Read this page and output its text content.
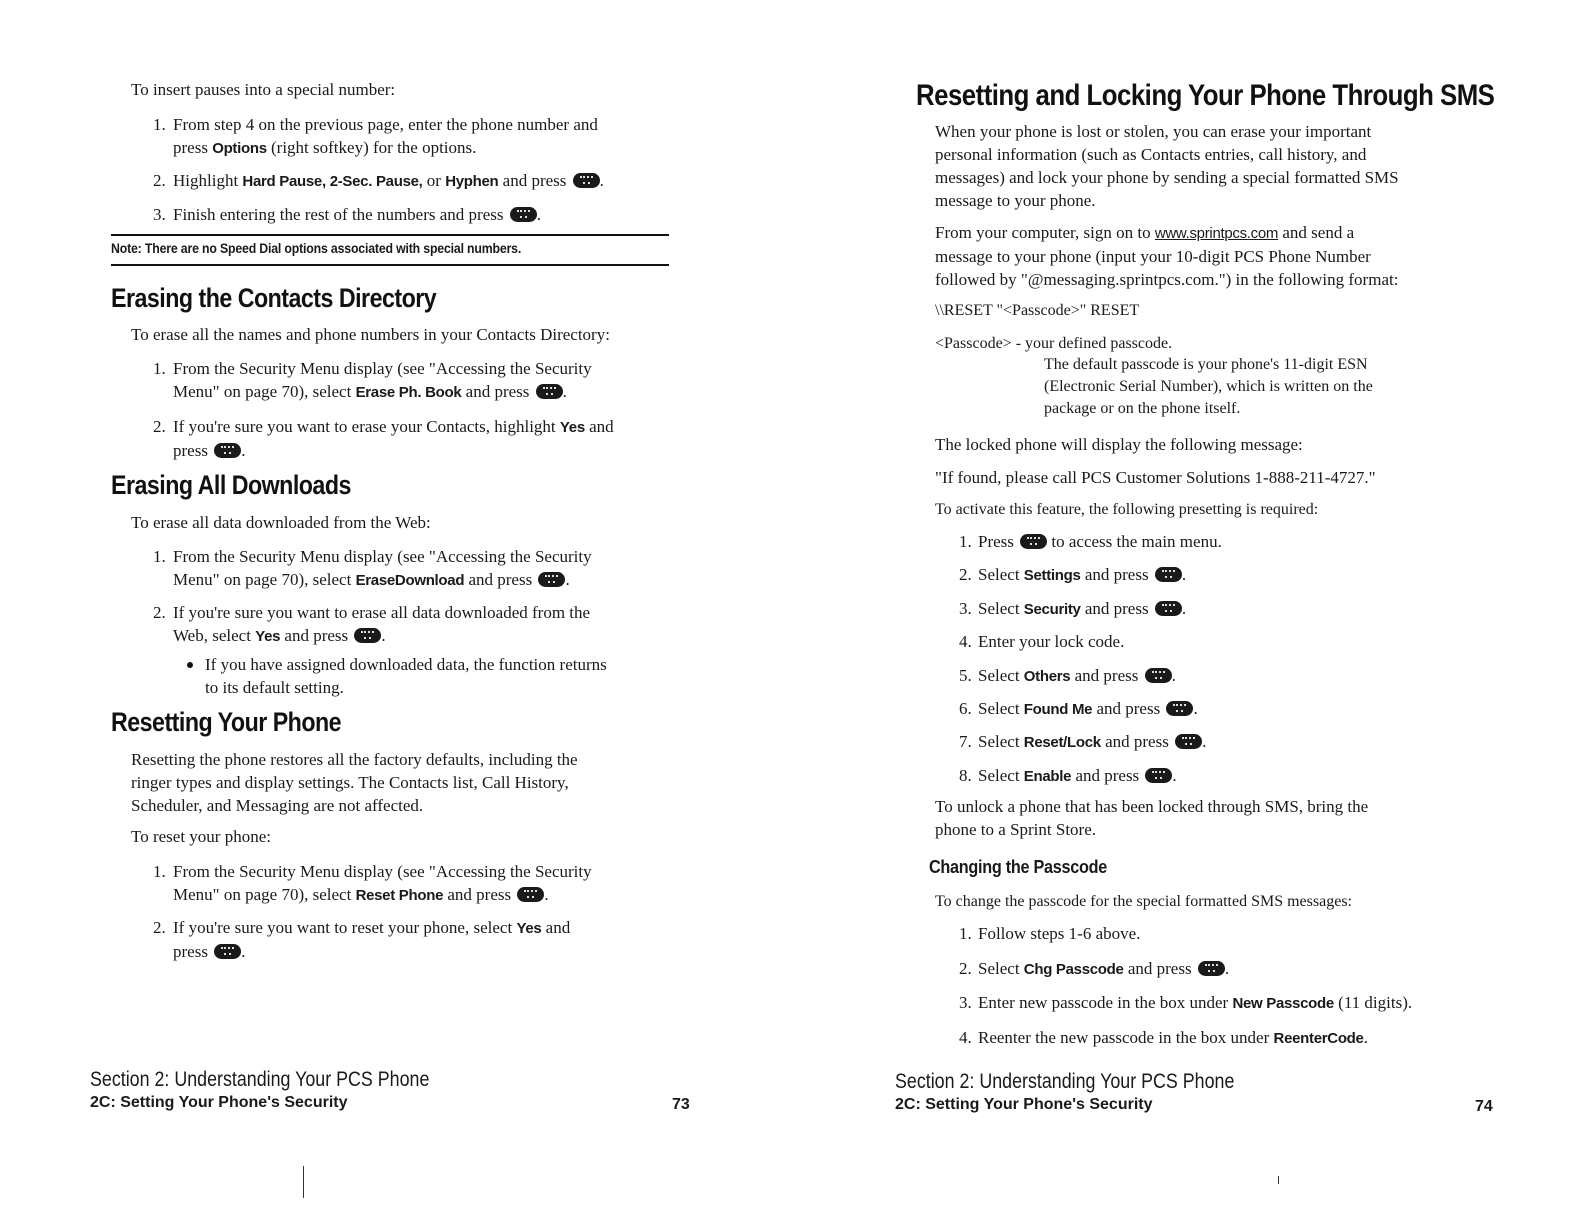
To insert pauses into a special number:
1. From step 4 on the previous page, enter the phone number and
press Options (right softkey) for the options.
2. Highlight Hard Pause, 2-Sec. Pause, or Hyphen and press .
3. Finish entering the rest of the numbers and press .
Note: There are no Speed Dial options associated with special numbers.
Erasing the Contacts Directory
To erase all the names and phone numbers in your Contacts Directory:
1. From the Security Menu display (see "Accessing the Security
Menu" on page 70), select Erase Ph. Book and press .
2. If you're sure you want to erase your Contacts, highlight Yes and
press .
Erasing All Downloads
To erase all data downloaded from the Web:
1. From the Security Menu display (see "Accessing the Security
Menu" on page 70), select EraseDownload and press .
2. If you're sure you want to erase all data downloaded from the
Web, select Yes and press .
If you have assigned downloaded data, the function returns
to its default setting.
Resetting Your Phone
Resetting the phone restores all the factory defaults, including the
ringer types and display settings. The Contacts list, Call History,
Scheduler, and Messaging are not affected.
To reset your phone:
1. From the Security Menu display (see "Accessing the Security
Menu" on page 70), select Reset Phone and press .
2. If you're sure you want to reset your phone, select Yes and
press .
Section 2: Understanding Your PCS Phone
2C: Setting Your Phone's Security	73
Resetting and Locking Your Phone Through SMS
When your phone is lost or stolen, you can erase your important
personal information (such as Contacts entries, call history, and
messages) and lock your phone by sending a special formatted SMS
message to your phone.
From your computer, sign on to www.sprintpcs.com and send a
message to your phone (input your 10-digit PCS Phone Number
followed by "@messaging.sprintpcs.com.") in the following format:
\\RESET "<Passcode>" RESET
<Passcode> - your defined passcode.
The default passcode is your phone's 11-digit ESN
(Electronic Serial Number), which is written on the
package or on the phone itself.
The locked phone will display the following message:
"If found, please call PCS Customer Solutions 1-888-211-4727."
To activate this feature, the following presetting is required:
1. Press  to access the main menu.
2. Select Settings and press .
3. Select Security and press .
4. Enter your lock code.
5. Select Others and press .
6. Select Found Me and press .
7. Select Reset/Lock and press .
8. Select Enable and press .
To unlock a phone that has been locked through SMS, bring the
phone to a Sprint Store.
Changing the Passcode
To change the passcode for the special formatted SMS messages:
1. Follow steps 1-6 above.
2. Select Chg Passcode and press .
3. Enter new passcode in the box under New Passcode (11 digits).
4. Reenter the new passcode in the box under ReenterCode.
Section 2: Understanding Your PCS Phone
2C: Setting Your Phone's Security	74
